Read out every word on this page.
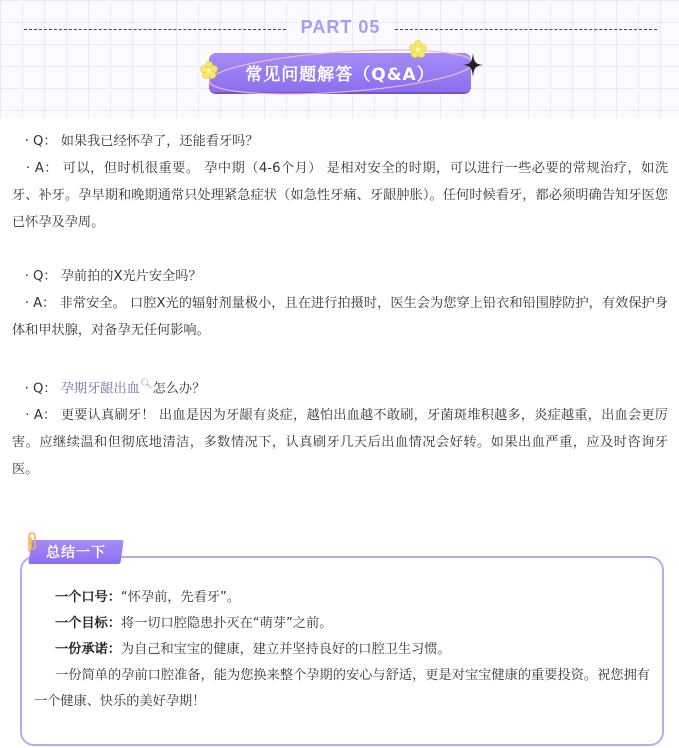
PART 05
常见问题解答（Q&A）

· Q： 如果我已经怀孕了，还能看牙吗？

· A： 可以，但时机很重要。 孕中期（4-6个月） 是相对安全的时期，可以进行一些必要的常规治疗，如洗牙、补牙。孕早期和晚期通常只处理紧急症状（如急性牙痛、牙龈肿胀）。任何时候看牙，都必须明确告知牙医您已怀孕及孕周。

· Q： 孕前拍的X光片安全吗？

· A： 非常安全。 口腔X光的辐射剂量极小，且在进行拍摄时，医生会为您穿上铅衣和铅围脖防护，有效保护身体和甲状腺，对备孕无任何影响。

· Q： 孕期牙龈出血🔍︎怎么办？

· A： 更要认真刷牙！ 出血是因为牙龈有炎症，越怕出血越不敢刷，牙菌斑堆积越多，炎症越重，出血会更厉害。应继续温和但彻底地清洁，多数情况下，认真刷牙几天后出血情况会好转。如果出血严重，应及时咨询牙医。

总结一下

一个口号：“怀孕前，先看牙”。

一个目标：将一切口腔隐患扑灭在“萌芽”之前。

一份承诺：为自己和宝宝的健康，建立并坚持良好的口腔卫生习惯。

一份简单的孕前口腔准备，能为您换来整个孕期的安心与舒适，更是对宝宝健康的重要投资。祝您拥有一个健康、快乐的美好孕期！
